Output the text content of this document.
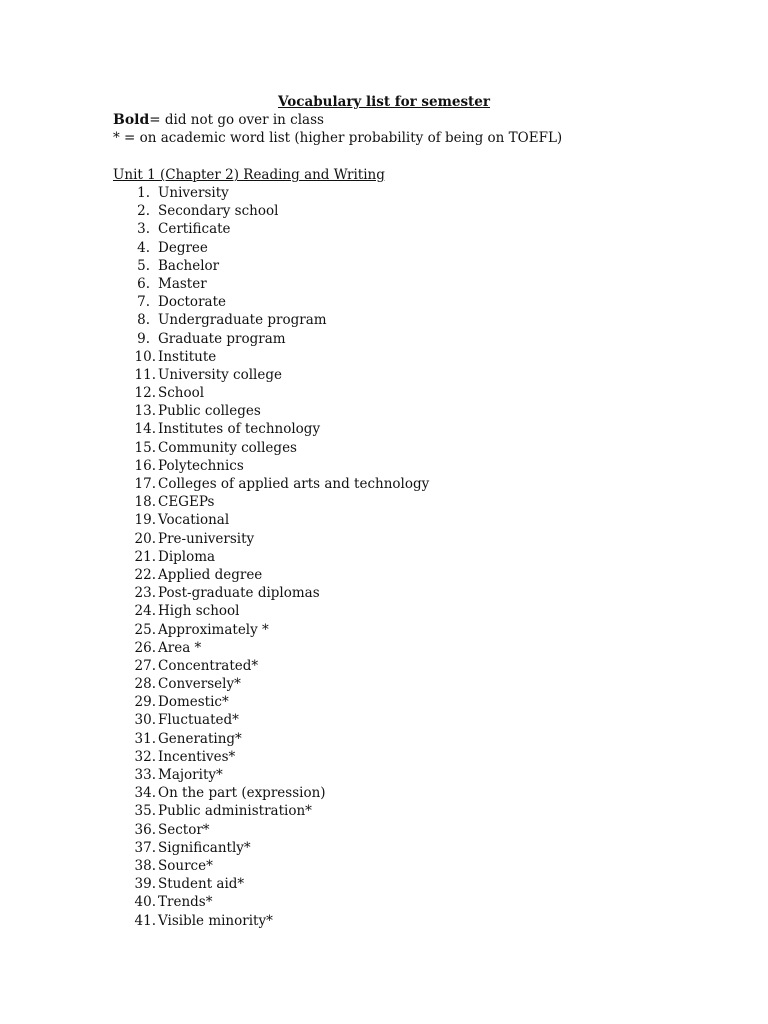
Vocabulary list for semester
Bold= did not go over in class
* = on academic word list (higher probability of being on TOEFL)
Unit 1 (Chapter 2) Reading and Writing
1. University
2. Secondary school
3. Certificate
4. Degree
5. Bachelor
6. Master
7. Doctorate
8. Undergraduate program
9. Graduate program
10. Institute
11. University college
12. School
13.Public colleges
14. Institutes of technology
15.Community colleges
16. Polytechnics
17.Colleges of applied arts and technology
18. CEGEPs
19. Vocational
20. Pre-university
21. Diploma
22. Applied degree
23. Post-graduate diplomas
24. High school
25. Approximately *
26. Area *
27. Concentrated*
28. Conversely*
29. Domestic*
30. Fluctuated*
31. Generating*
32. Incentives*
33. Majority*
34. On the part (expression)
35. Public administration*
36. Sector*
37. Significantly*
38. Source*
39. Student aid*
40. Trends*
41. Visible minority*
